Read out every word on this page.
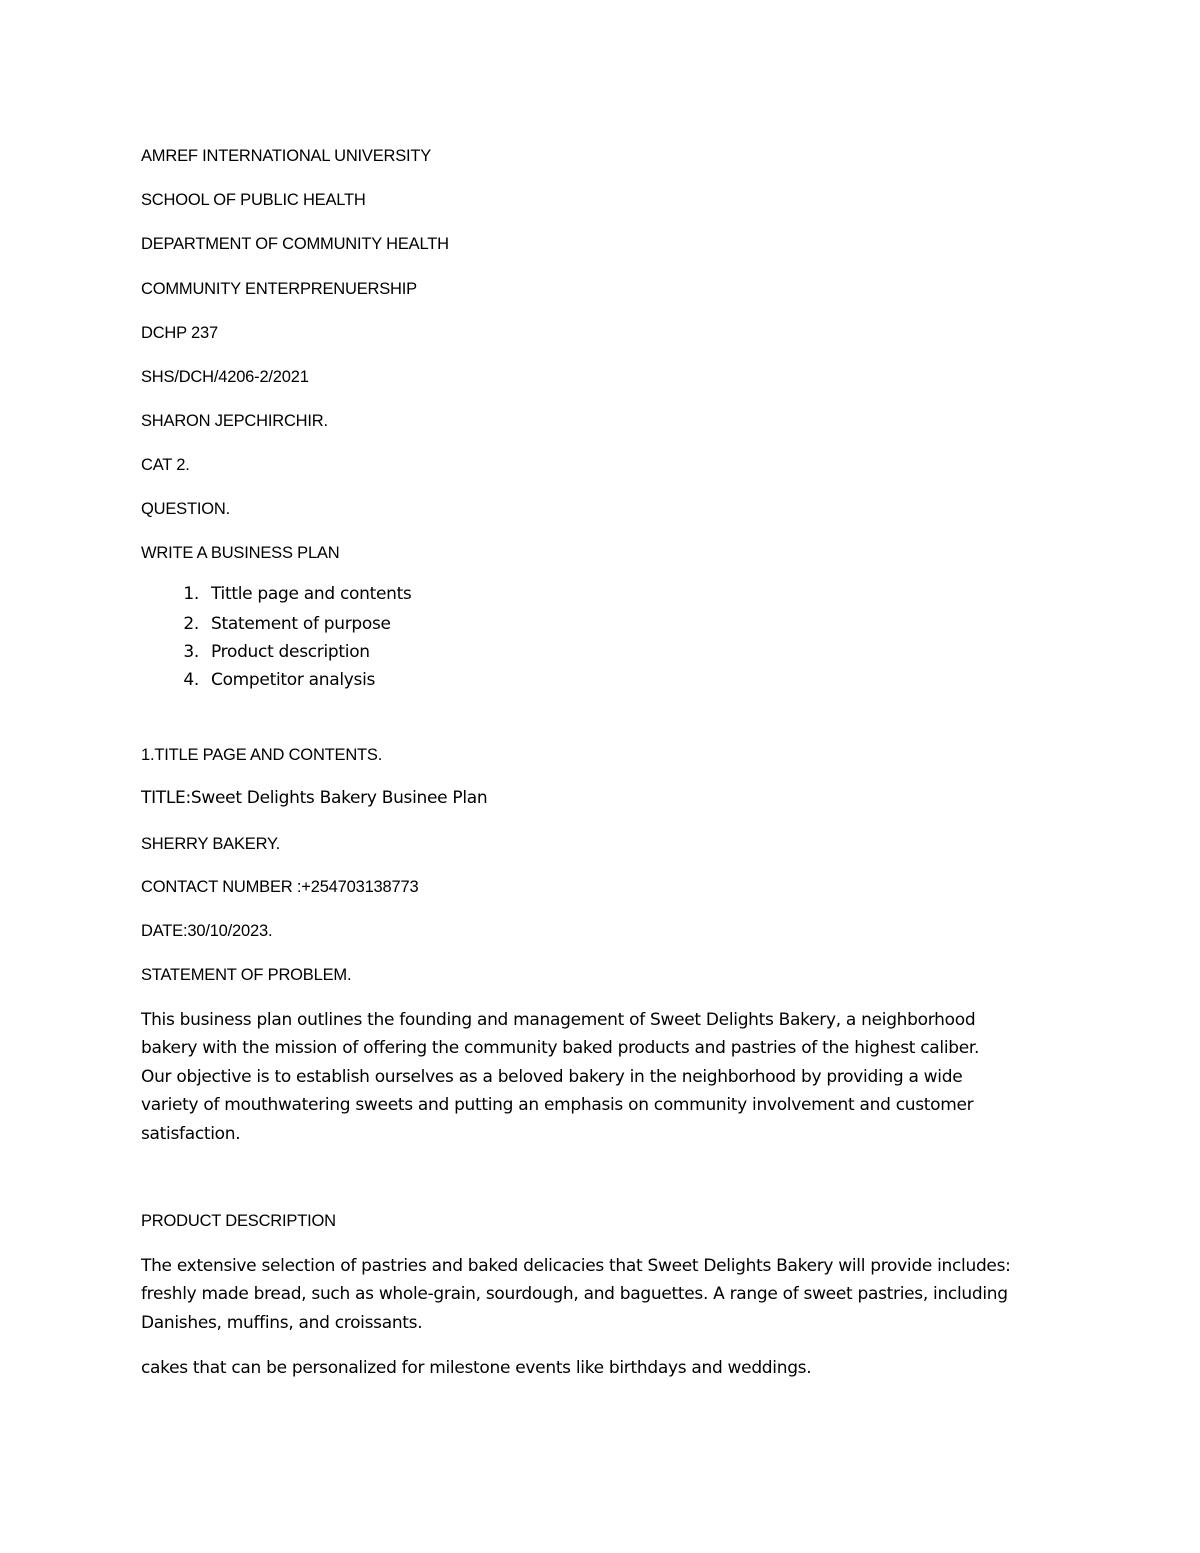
AMREF INTERNATIONAL UNIVERSITY

SCHOOL OF PUBLIC HEALTH

DEPARTMENT OF COMMUNITY HEALTH

COMMUNITY ENTERPRENUERSHIP

DCHP 237

SHS/DCH/4206-2/2021

SHARON JEPCHIRCHIR.

CAT 2.

QUESTION.

WRITE A BUSINESS PLAN

1. Tittle page and contents
2. Statement of purpose
3. Product description
4. Competitor analysis

1.TITLE PAGE AND CONTENTS.

TITLE:Sweet Delights Bakery Businee Plan

SHERRY BAKERY.

CONTACT NUMBER :+254703138773

DATE:30/10/2023.

STATEMENT OF PROBLEM.

This business plan outlines the founding and management of Sweet Delights Bakery, a neighborhood

bakery with the mission of offering the community baked products and pastries of the highest caliber.

Our objective is to establish ourselves as a beloved bakery in the neighborhood by providing a wide

variety of mouthwatering sweets and putting an emphasis on community involvement and customer

satisfaction.

PRODUCT DESCRIPTION

The extensive selection of pastries and baked delicacies that Sweet Delights Bakery will provide includes:

freshly made bread, such as whole-grain, sourdough, and baguettes. A range of sweet pastries, including

Danishes, muffins, and croissants.

cakes that can be personalized for milestone events like birthdays and weddings.
